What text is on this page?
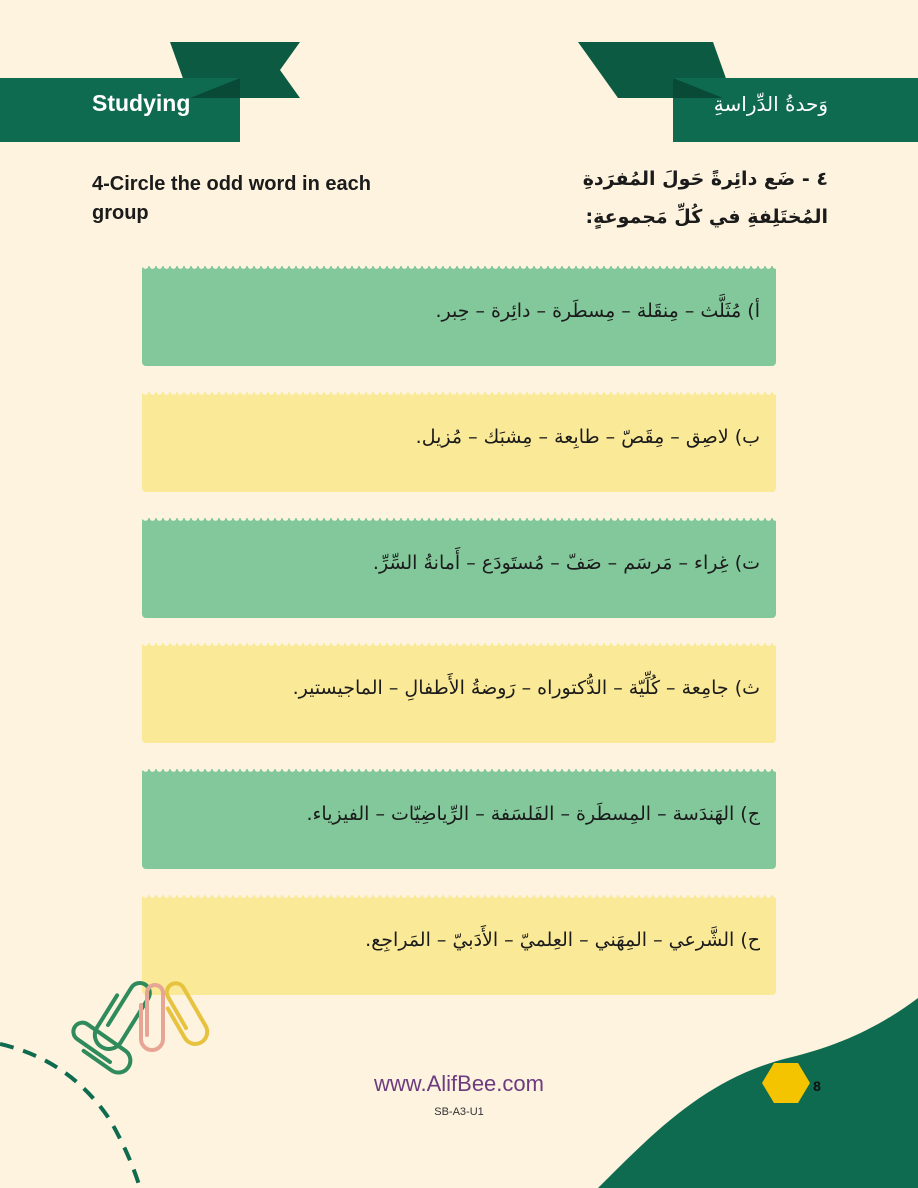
Studying	وَحدةُ الدِّراسةِ
4-Circle the odd word in each group
٤ - ضَع دائِرةً حَولَ المُفرَدةِ
المُختَلِفةِ في كُلِّ مَجموعةٍ:
أ) مُثَلَّث – مِنقَلة – مِسطَرة – دائِرة – حِبر.
ب) لاصِق – مِقَصّ – طابِعة – مِشبَك – مُزيل.
ت) غِراء – مَرسَم – صَفّ – مُستَودَع – أَمانةُ السِّرِّ.
ث) جامِعة – كُلِّيّة – الدُّكتوراه – رَوضةُ الأَطفالِ – الماجيستير.
ج) الهَندَسة – المِسطَرة – الفَلسَفة – الرِّياضِيّات – الفيزياء.
ح) الشَّرعي – المِهَني – العِلميّ – الأَدَبيّ – المَراجِع.
8
www.AlifBee.com
SB-A3-U1
